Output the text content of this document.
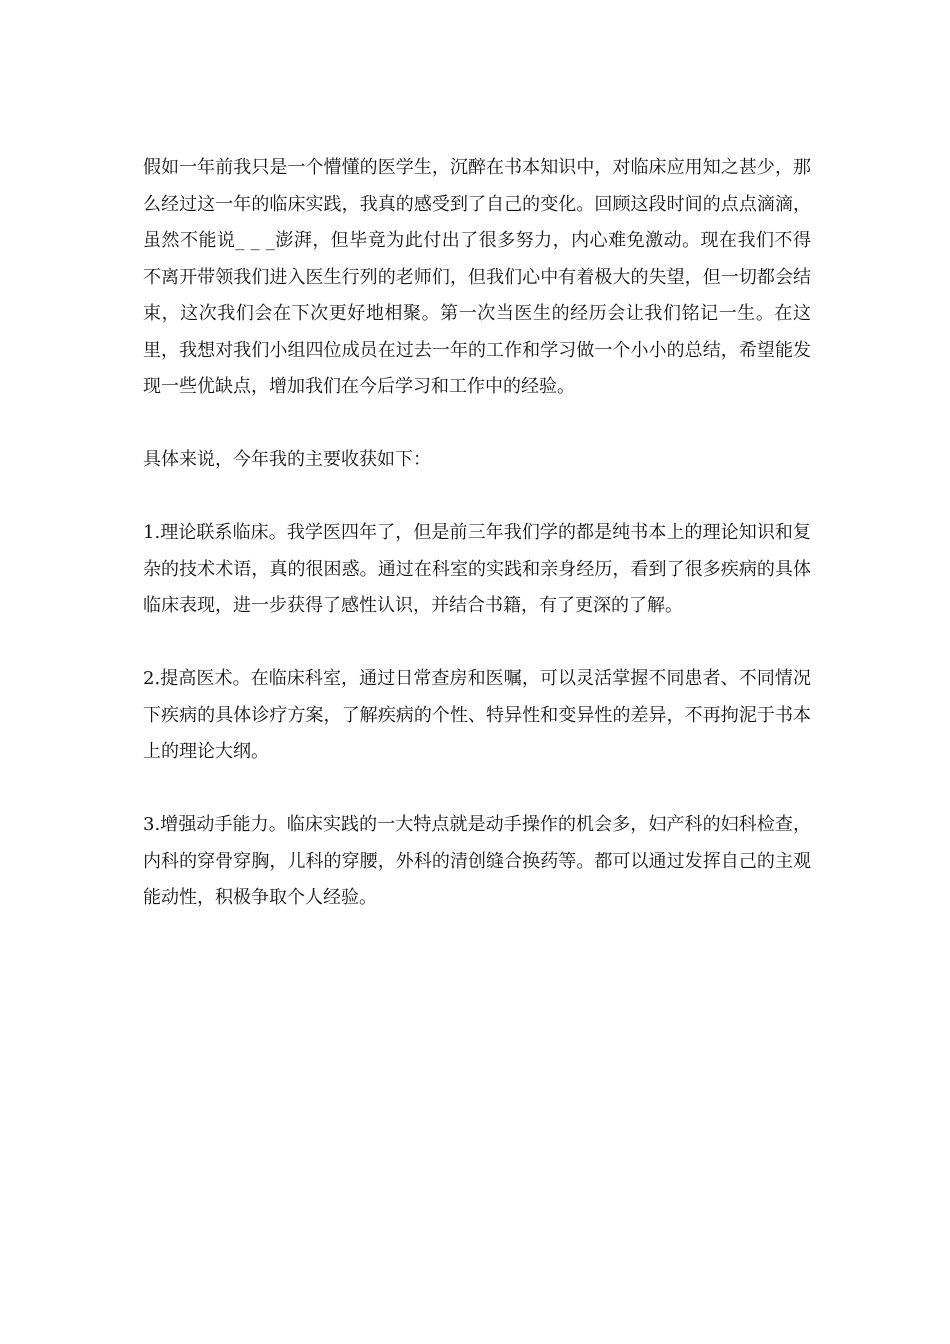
假如一年前我只是一个懵懂的医学生，沉醉在书本知识中，对临床应用知之甚少，那么经过这一年的临床实践，我真的感受到了自己的变化。回顾这段时间的点点滴滴，虽然不能说_ _ _澎湃，但毕竟为此付出了很多努力，内心难免激动。现在我们不得不离开带领我们进入医生行列的老师们，但我们心中有着极大的失望，但一切都会结束，这次我们会在下次更好地相聚。第一次当医生的经历会让我们铭记一生。在这里，我想对我们小组四位成员在过去一年的工作和学习做一个小小的总结，希望能发现一些优缺点，增加我们在今后学习和工作中的经验。

具体来说，今年我的主要收获如下：

1.理论联系临床。我学医四年了，但是前三年我们学的都是纯书本上的理论知识和复杂的技术术语，真的很困惑。通过在科室的实践和亲身经历，看到了很多疾病的具体临床表现，进一步获得了感性认识，并结合书籍，有了更深的了解。

2.提高医术。在临床科室，通过日常查房和医嘱，可以灵活掌握不同患者、不同情况下疾病的具体诊疗方案，了解疾病的个性、特异性和变异性的差异，不再拘泥于书本上的理论大纲。

3.增强动手能力。临床实践的一大特点就是动手操作的机会多，妇产科的妇科检查，内科的穿骨穿胸，儿科的穿腰，外科的清创缝合换药等。都可以通过发挥自己的主观能动性，积极争取个人经验。
